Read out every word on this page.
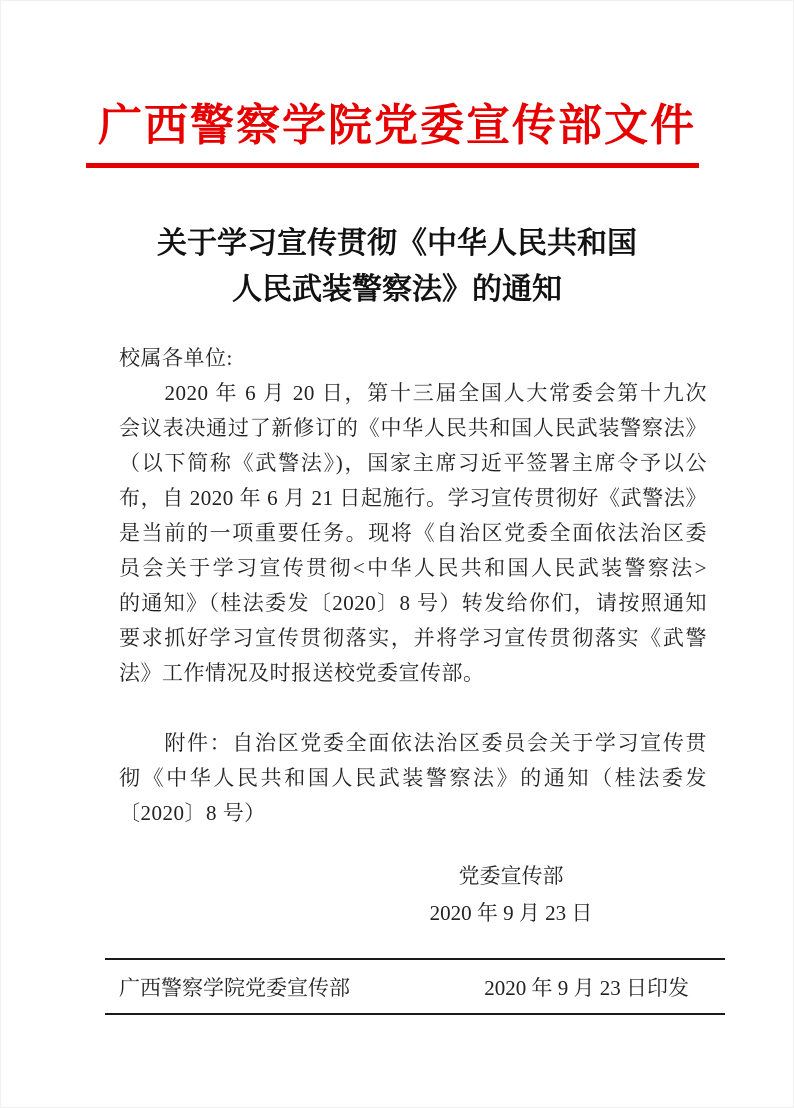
广西警察学院党委宣传部文件
关于学习宣传贯彻《中华人民共和国
人民武装警察法》的通知
校属各单位:
　　2020 年 6 月 20 日，第十三届全国人大常委会第十九次
会议表决通过了新修订的《中华人民共和国人民武装警察法》
（以下简称《武警法》)，国家主席习近平签署主席令予以公
布，自 2020 年 6 月 21 日起施行。学习宣传贯彻好《武警法》
是当前的一项重要任务。现将《自治区党委全面依法治区委
员会关于学习宣传贯彻<中华人民共和国人民武装警察法>
的通知》（桂法委发〔2020〕8 号）转发给你们，请按照通知
要求抓好学习宣传贯彻落实，并将学习宣传贯彻落实《武警
法》工作情况及时报送校党委宣传部。
　　附件：自治区党委全面依法治区委员会关于学习宣传贯
彻《中华人民共和国人民武装警察法》的通知（桂法委发
〔2020〕8 号）
党委宣传部
2020 年 9 月 23 日
广西警察学院党委宣传部	2020 年 9 月 23 日印发
